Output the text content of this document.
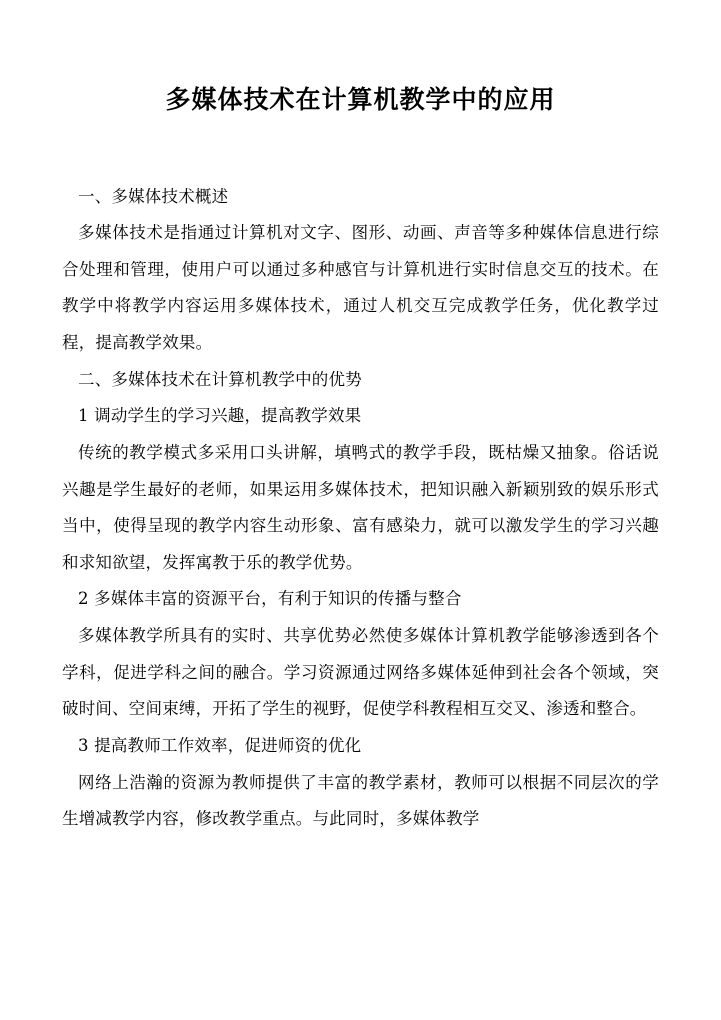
多媒体技术在计算机教学中的应用

一、多媒体技术概述

多媒体技术是指通过计算机对文字、图形、动画、声音等多种媒体信息进行综合处理和管理，使用户可以通过多种感官与计算机进行实时信息交互的技术。在教学中将教学内容运用多媒体技术，通过人机交互完成教学任务，优化教学过程，提高教学效果。

二、多媒体技术在计算机教学中的优势

1 调动学生的学习兴趣，提高教学效果

传统的教学模式多采用口头讲解，填鸭式的教学手段，既枯燥又抽象。俗话说兴趣是学生最好的老师，如果运用多媒体技术，把知识融入新颖别致的娱乐形式当中，使得呈现的教学内容生动形象、富有感染力，就可以激发学生的学习兴趣和求知欲望，发挥寓教于乐的教学优势。

2 多媒体丰富的资源平台，有利于知识的传播与整合

多媒体教学所具有的实时、共享优势必然使多媒体计算机教学能够渗透到各个学科，促进学科之间的融合。学习资源通过网络多媒体延伸到社会各个领域，突破时间、空间束缚，开拓了学生的视野，促使学科教程相互交叉、渗透和整合。

3 提高教师工作效率，促进师资的优化

网络上浩瀚的资源为教师提供了丰富的教学素材，教师可以根据不同层次的学生增减教学内容，修改教学重点。与此同时，多媒体教学
